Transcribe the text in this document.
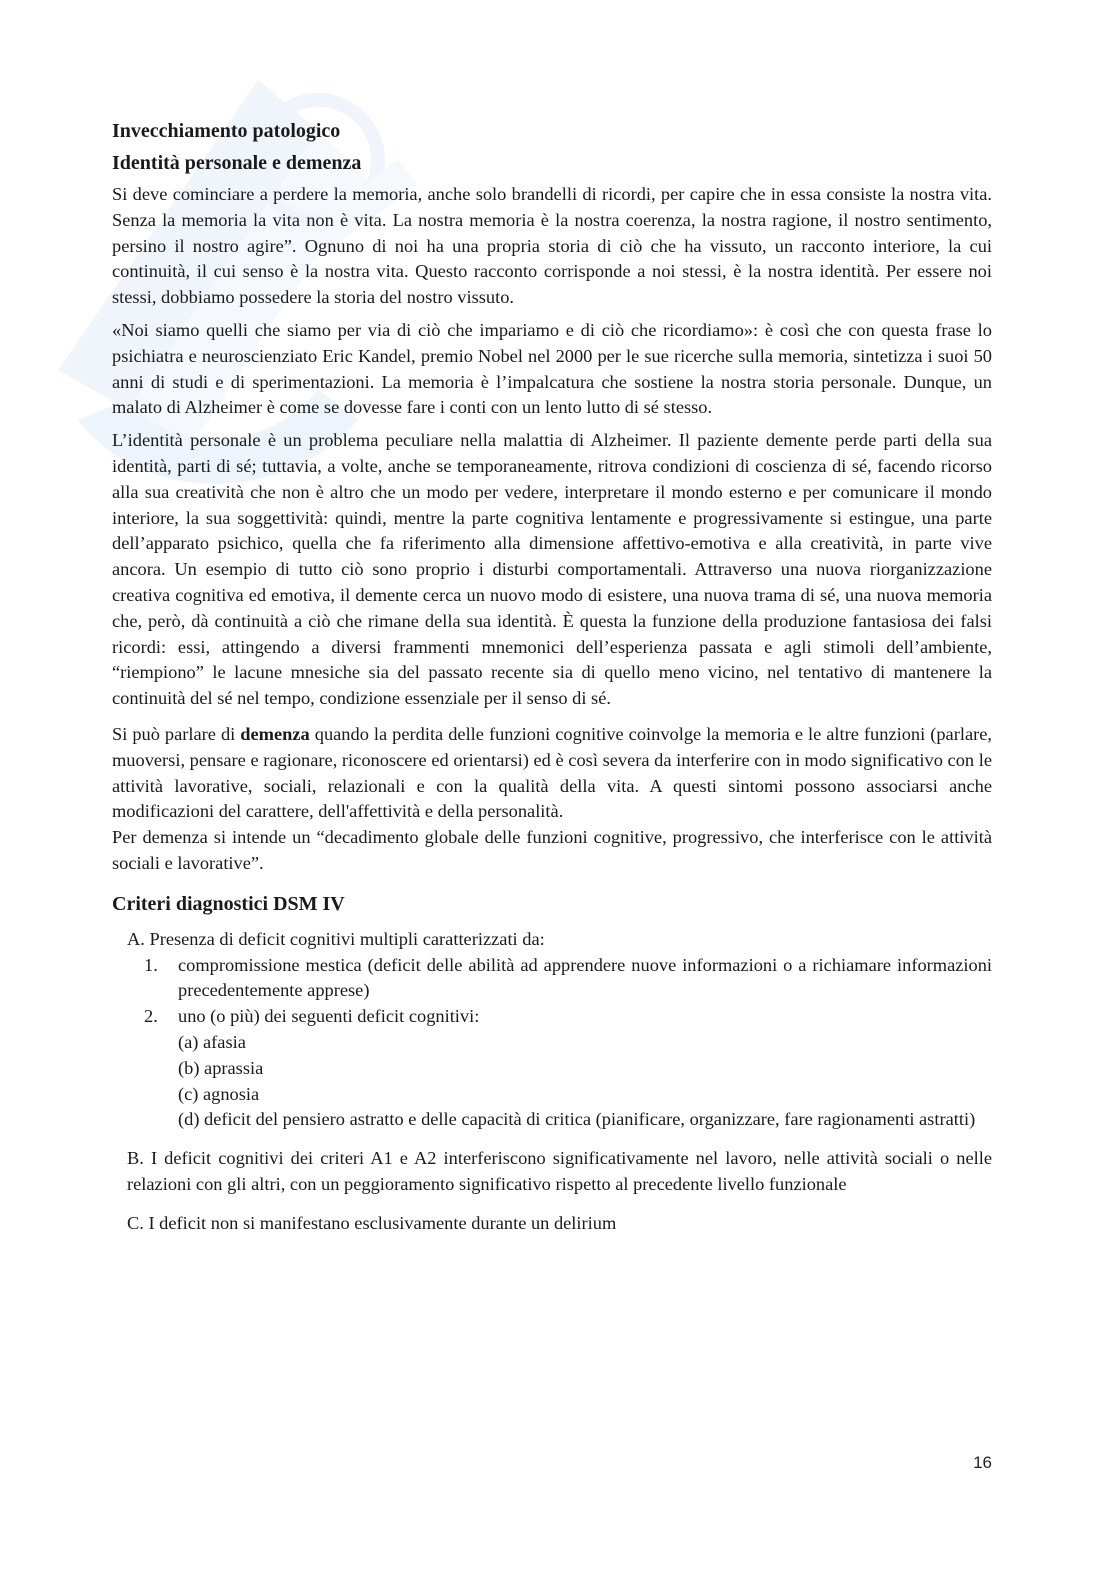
Invecchiamento patologico
Identità personale e demenza

Si deve cominciare a perdere la memoria, anche solo brandelli di ricordi, per capire che in essa consiste la nostra vita. Senza la memoria la vita non è vita. La nostra memoria è la nostra coerenza, la nostra ragione, il nostro sentimento, persino il nostro agire”. Ognuno di noi ha una propria storia di ciò che ha vissuto, un racconto interiore, la cui continuità, il cui senso è la nostra vita. Questo racconto corrisponde a noi stessi, è la nostra identità. Per essere noi stessi, dobbiamo possedere la storia del nostro vissuto.

«Noi siamo quelli che siamo per via di ciò che impariamo e di ciò che ricordiamo»: è così che con questa frase lo psichiatra e neuroscienziato Eric Kandel, premio Nobel nel 2000 per le sue ricerche sulla memoria, sintetizza i suoi 50 anni di studi e di sperimentazioni. La memoria è l’impalcatura che sostiene la nostra storia personale. Dunque, un malato di Alzheimer è come se dovesse fare i conti con un lento lutto di sé stesso.

L’identità personale è un problema peculiare nella malattia di Alzheimer. Il paziente demente perde parti della sua identità, parti di sé; tuttavia, a volte, anche se temporaneamente, ritrova condizioni di coscienza di sé, facendo ricorso alla sua creatività che non è altro che un modo per vedere, interpretare il mondo esterno e per comunicare il mondo interiore, la sua soggettività: quindi, mentre la parte cognitiva lentamente e progressivamente si estingue, una parte dell’apparato psichico, quella che fa riferimento alla dimensione affettivo-emotiva e alla creatività, in parte vive ancora. Un esempio di tutto ciò sono proprio i disturbi comportamentali. Attraverso una nuova riorganizzazione creativa cognitiva ed emotiva, il demente cerca un nuovo modo di esistere, una nuova trama di sé, una nuova memoria che, però, dà continuità a ciò che rimane della sua identità. È questa la funzione della produzione fantasiosa dei falsi ricordi: essi, attingendo a diversi frammenti mnemonici dell’esperienza passata e agli stimoli dell’ambiente, “riempiono” le lacune mnesiche sia del passato recente sia di quello meno vicino, nel tentativo di mantenere la continuità del sé nel tempo, condizione essenziale per il senso di sé.

Si può parlare di demenza quando la perdita delle funzioni cognitive coinvolge la memoria e le altre funzioni (parlare, muoversi, pensare e ragionare, riconoscere ed orientarsi) ed è così severa da interferire con in modo significativo con le attività lavorative, sociali, relazionali e con la qualità della vita. A questi sintomi possono associarsi anche modificazioni del carattere, dell'affettività e della personalità.

Per demenza si intende un “decadimento globale delle funzioni cognitive, progressivo, che interferisce con le attività sociali e lavorative”.

Criteri diagnostici DSM IV
A. Presenza di deficit cognitivi multipli caratterizzati da:
1. compromissione mestica (deficit delle abilità ad apprendere nuove informazioni o a richiamare informazioni precedentemente apprese)
2. uno (o più) dei seguenti deficit cognitivi:
(a) afasia
(b) aprassia
(c) agnosia
(d) deficit del pensiero astratto e delle capacità di critica (pianificare, organizzare, fare ragionamenti astratti)
B. I deficit cognitivi dei criteri A1 e A2 interferiscono significativamente nel lavoro, nelle attività sociali o nelle relazioni con gli altri, con un peggioramento significativo rispetto al precedente livello funzionale
C. I deficit non si manifestano esclusivamente durante un delirium
16
